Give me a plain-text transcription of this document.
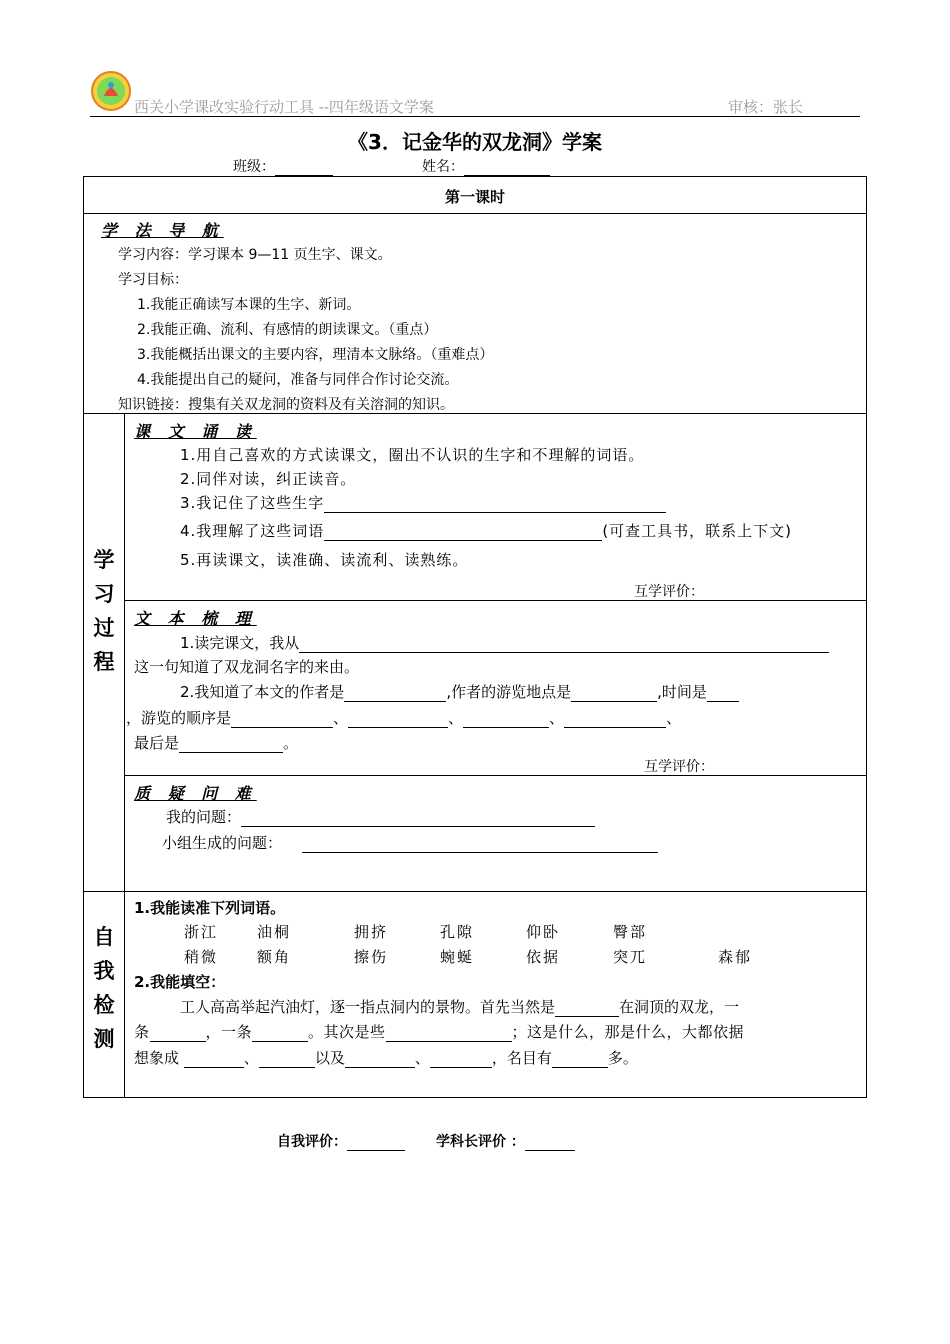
西关小学课改实验行动工具 --四年级语文学案	审核：张长
《3．记金华的双龙洞》学案
班级：	姓名：
第一课时
学 法 导 航
学习内容：学习课本 9—11 页生字、课文。
学习目标：
1.我能正确读写本课的生字、新词。
2.我能正确、流利、有感情的朗读课文。（重点）
3.我能概括出课文的主要内容，理清本文脉络。（重难点）
4.我能提出自己的疑问，准备与同伴合作讨论交流。
知识链接：搜集有关双龙洞的资料及有关溶洞的知识。
学
习
过
程
课 文 诵 读
1.用自己喜欢的方式读课文，圈出不认识的生字和不理解的词语。
2.同伴对读，纠正读音。
3.我记住了这些生字
4.我理解了这些词语	(可查工具书，联系上下文)
5.再读课文，读准确、读流利、读熟练。
互学评价：
文 本 梳 理
1.读完课文，我从
这一句知道了双龙洞名字的来由。
2.我知道了本文的作者是	,作者的游览地点是	,时间是
，游览的顺序是	、	、	、	、
最后是	。
互学评价：
质 疑 问 难
我的问题：
小组生成的问题：
自
我
检
测
1.我能读准下列词语。
浙江	油桐	拥挤	孔隙	仰卧	臀部
稍微	额角	擦伤	蜿蜒	依据	突兀	森郁
2.我能填空：
工人高高举起汽油灯，逐一指点洞内的景物。首先当然是	在洞顶的双龙，一
条	，一条	。其次是些	；这是什么，那是什么，大都依据
想象成	、	以及	、	，名目有	多。
自我评价：	学科长评价 ：
